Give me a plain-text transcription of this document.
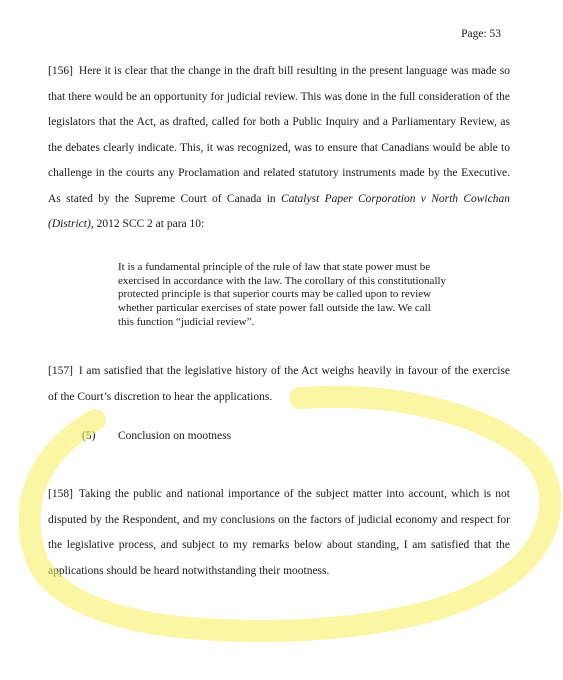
Page: 53
[156] Here it is clear that the change in the draft bill resulting in the present language was made so that there would be an opportunity for judicial review. This was done in the full consideration of the legislators that the Act, as drafted, called for both a Public Inquiry and a Parliamentary Review, as the debates clearly indicate. This, it was recognized, was to ensure that Canadians would be able to challenge in the courts any Proclamation and related statutory instruments made by the Executive. As stated by the Supreme Court of Canada in Catalyst Paper Corporation v North Cowichan (District), 2012 SCC 2 at para 10:
It is a fundamental principle of the rule of law that state power must be exercised in accordance with the law. The corollary of this constitutionally protected principle is that superior courts may be called upon to review whether particular exercises of state power fall outside the law. We call this function “judicial review”.
[157] I am satisfied that the legislative history of the Act weighs heavily in favour of the exercise of the Court’s discretion to hear the applications.
(5) Conclusion on mootness
[158] Taking the public and national importance of the subject matter into account, which is not disputed by the Respondent, and my conclusions on the factors of judicial economy and respect for the legislative process, and subject to my remarks below about standing, I am satisfied that the applications should be heard notwithstanding their mootness.
